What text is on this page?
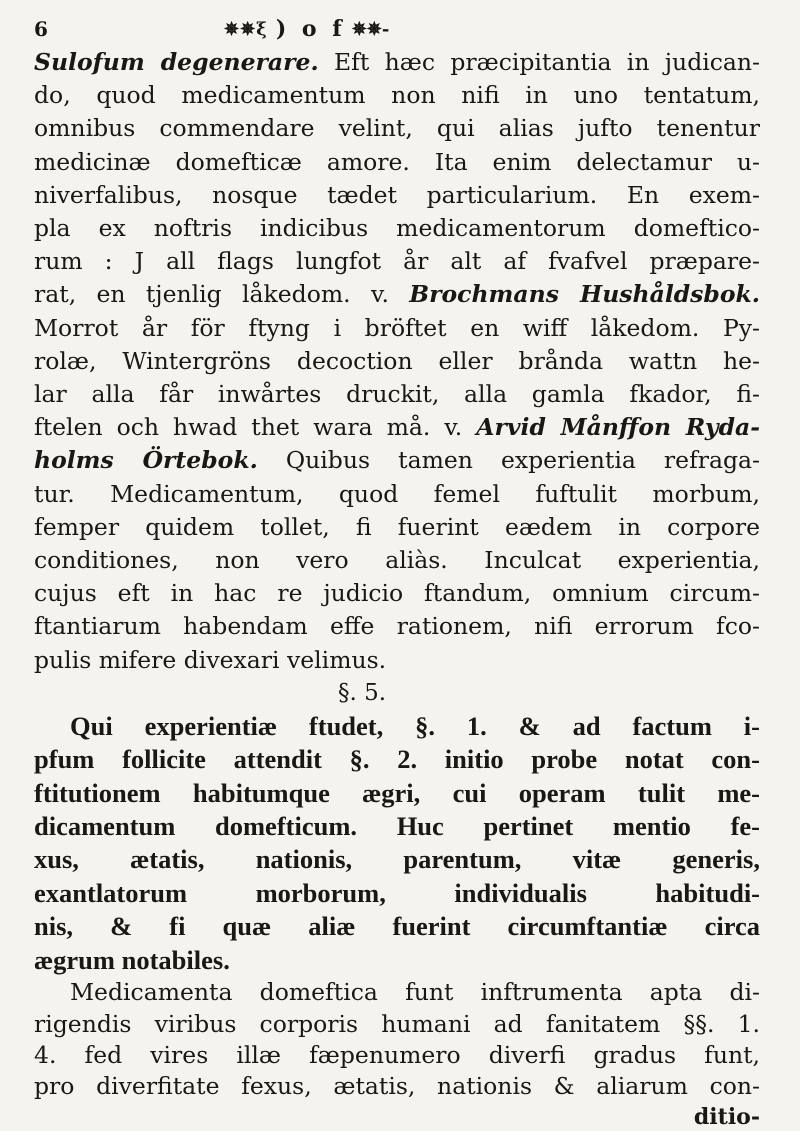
6	✵✵ξ ) o f ✵✵-
Sulofum degenerare. Eft hæc præcipitantia in judican-
do, quod medicamentum non nifi in uno tentatum,
omnibus commendare velint, qui alias jufto tenentur
medicinæ domefticæ amore. Ita enim delectamur u-
niverfalibus, nosque tædet particularium. En exem-
pla ex noftris indicibus medicamentorum domeftico-
rum : J all flags lungfot år alt af fvafvel præpare-
rat, en tjenlig låkedom. v. Brochmans Hushåldsbok.
Morrot år för ftyng i bröftet en wiff låkedom. Py-
rolæ, Wintergröns decoction eller brånda wattn he-
lar alla får inwårtes druckit, alla gamla fkador, fi-
ftelen och hwad thet wara må. v. Arvid Månffon Ryda-
holms Örtebok. Quibus tamen experientia refraga-
tur. Medicamentum, quod femel fuftulit morbum,
femper quidem tollet, fi fuerint eædem in corpore
conditiones, non vero aliàs. Inculcat experientia,
cujus eft in hac re judicio ftandum, omnium circum-
ftantiarum habendam effe rationem, nifi errorum fco-
pulis mifere divexari velimus.
§. 5.
Qui experientiæ ftudet, §. 1. & ad factum i-
pfum follicite attendit §. 2. initio probe notat con-
ftitutionem habitumque ægri, cui operam tulit me-
dicamentum domefticum. Huc pertinet mentio fe-
xus, ætatis, nationis, parentum, vitæ generis,
exantlatorum morborum, individualis habitudi-
nis, & fi quæ aliæ fuerint circumftantiæ circa
ægrum notabiles.
Medicamenta domeftica funt inftrumenta apta di-
rigendis viribus corporis humani ad fanitatem §§. 1.
4. fed vires illæ fæpenumero diverfi gradus funt,
pro diverfitate fexus, ætatis, nationis & aliarum con-
ditio-
